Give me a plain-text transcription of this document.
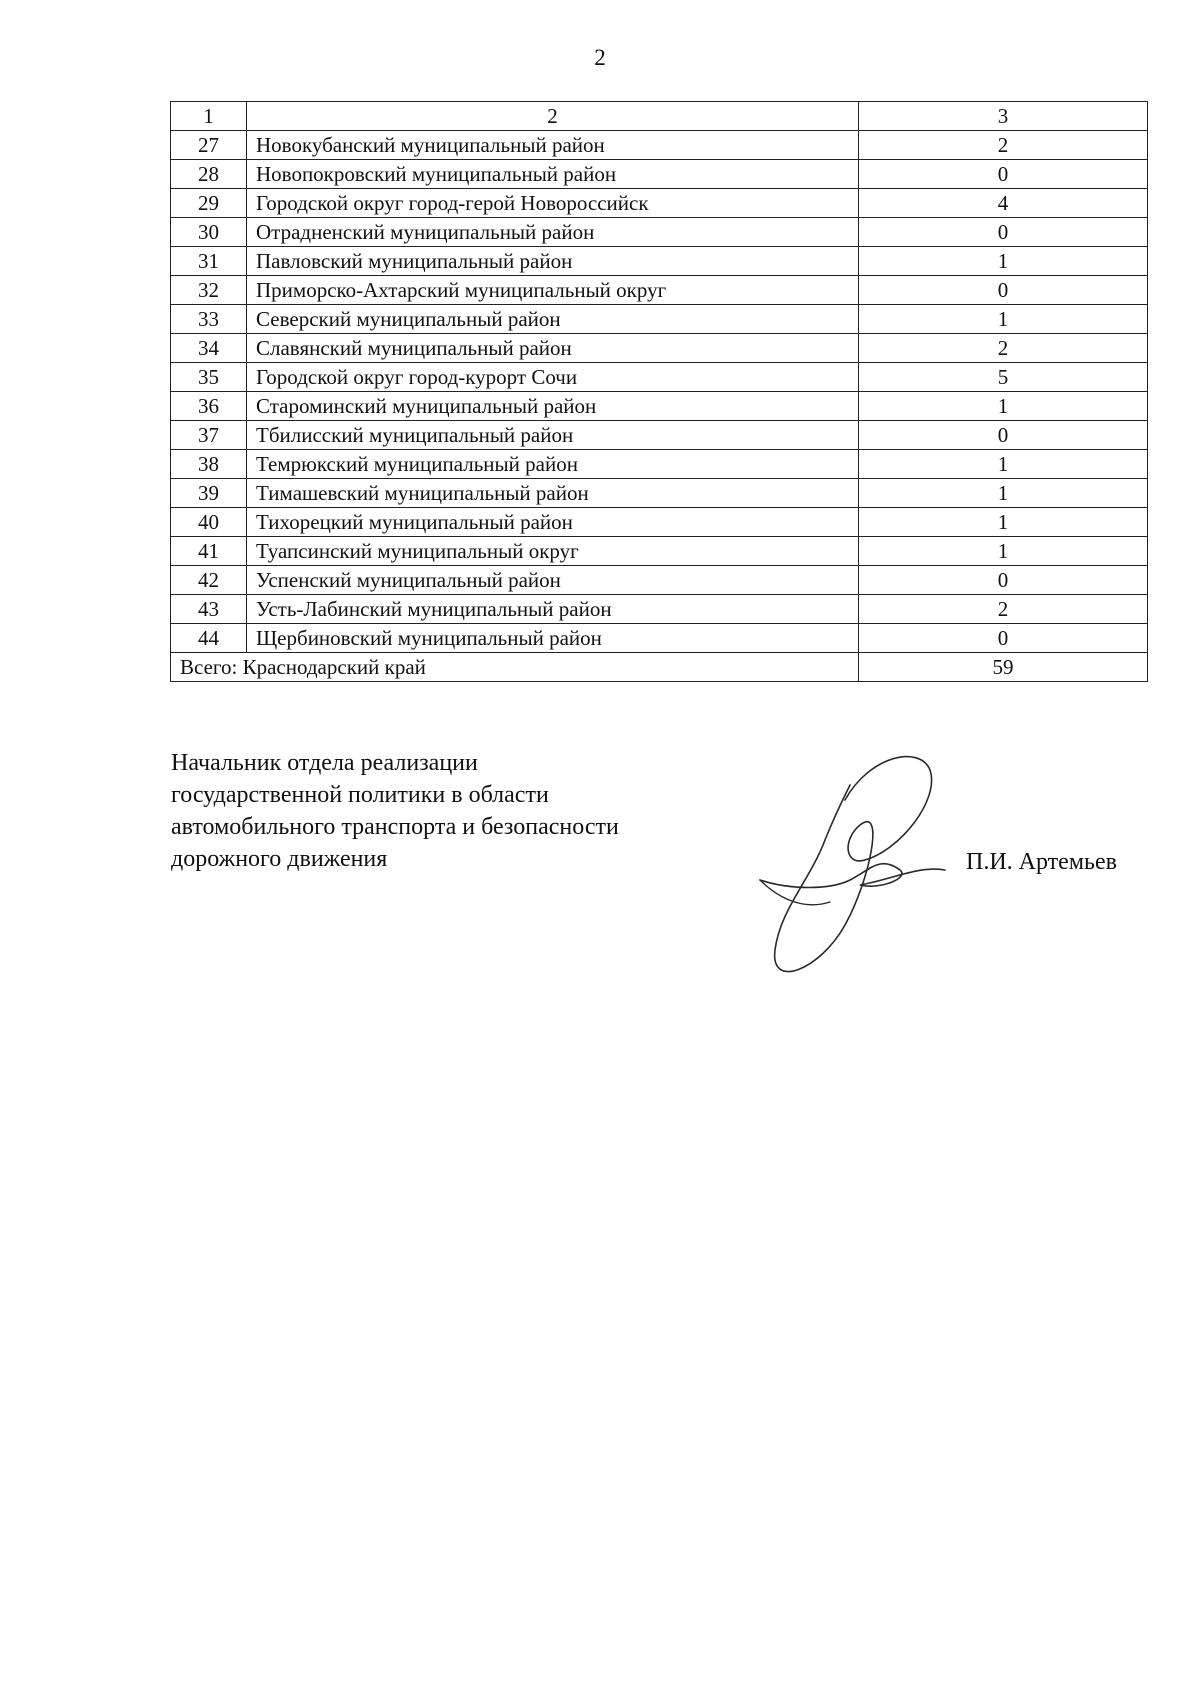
2
1	2	3
27	Новокубанский муниципальный район	2
28	Новопокровский муниципальный район	0
29	Городской округ город-герой Новороссийск	4
30	Отрадненский муниципальный район	0
31	Павловский муниципальный район	1
32	Приморско-Ахтарский муниципальный округ	0
33	Северский муниципальный район	1
34	Славянский муниципальный район	2
35	Городской округ город-курорт Сочи	5
36	Староминский муниципальный район	1
37	Тбилисский муниципальный район	0
38	Темрюкский муниципальный район	1
39	Тимашевский муниципальный район	1
40	Тихорецкий муниципальный район	1
41	Туапсинский муниципальный округ	1
42	Успенский муниципальный район	0
43	Усть-Лабинский муниципальный район	2
44	Щербиновский муниципальный район	0
Всего: Краснодарский край		59
Начальник отдела реализации
государственной политики в области
автомобильного транспорта и безопасности
дорожного движения	П.И. Артемьев
